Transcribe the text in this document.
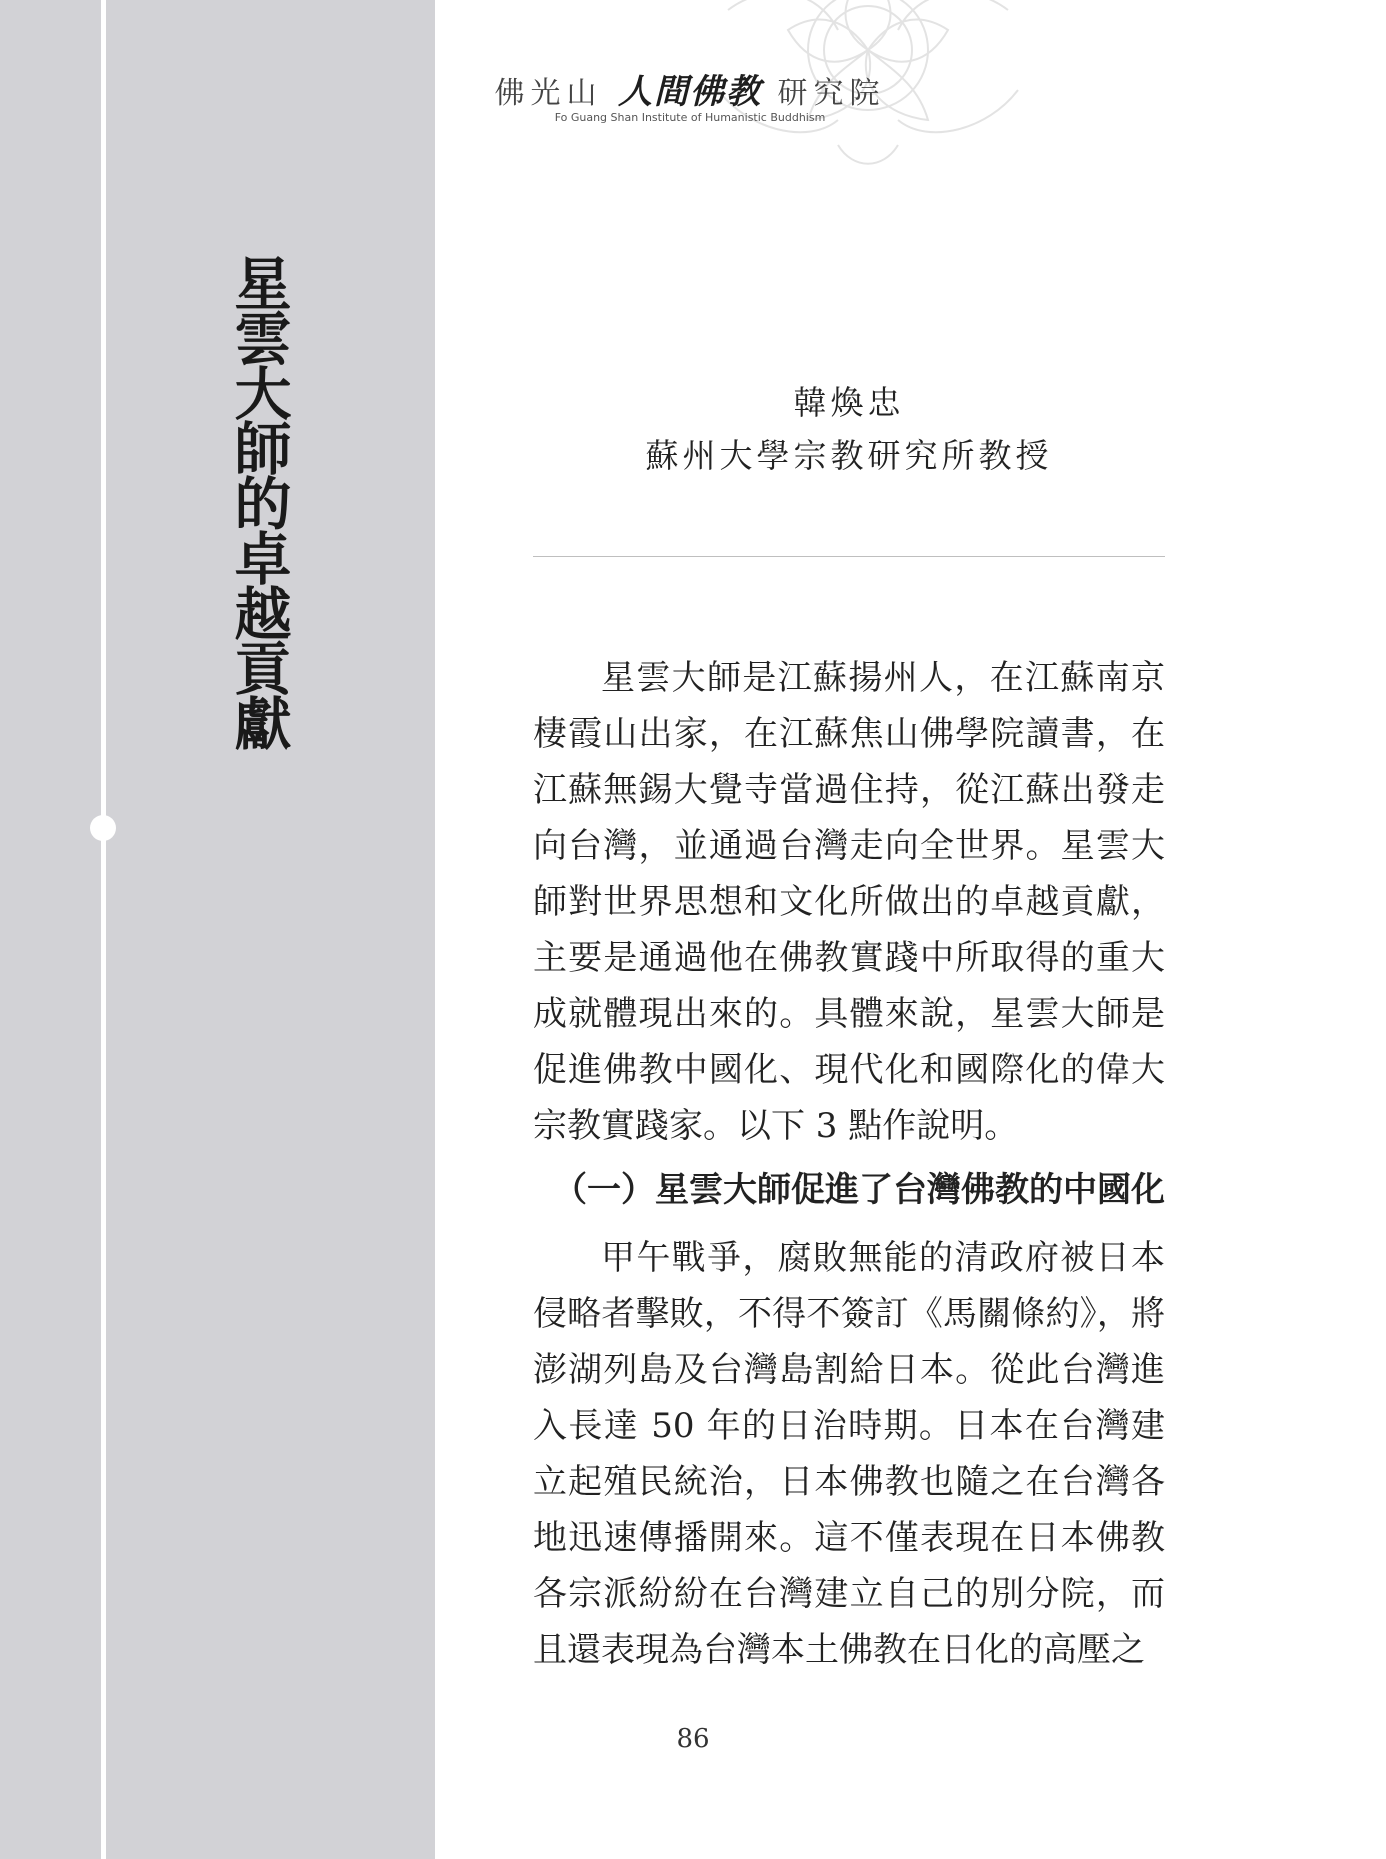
星雲大師的卓越貢獻
佛光山 人間佛教 研究院
Fo Guang Shan Institute of Humanistic Buddhism
韓煥忠
蘇州大學宗教研究所教授

星雲大師是江蘇揚州人，在江蘇南京棲霞山出家，在江蘇焦山佛學院讀書，在江蘇無錫大覺寺當過住持，從江蘇出發走向台灣，並通過台灣走向全世界。星雲大師對世界思想和文化所做出的卓越貢獻，主要是通過他在佛教實踐中所取得的重大成就體現出來的。具體來說，星雲大師是促進佛教中國化、現代化和國際化的偉大宗教實踐家。以下 3 點作說明。

（一）星雲大師促進了台灣佛教的中國化

甲午戰爭，腐敗無能的清政府被日本侵略者擊敗，不得不簽訂《馬關條約》，將澎湖列島及台灣島割給日本。從此台灣進入長達 50 年的日治時期。日本在台灣建立起殖民統治，日本佛教也隨之在台灣各地迅速傳播開來。這不僅表現在日本佛教各宗派紛紛在台灣建立自己的別分院，而且還表現為台灣本土佛教在日化的高壓之

86
